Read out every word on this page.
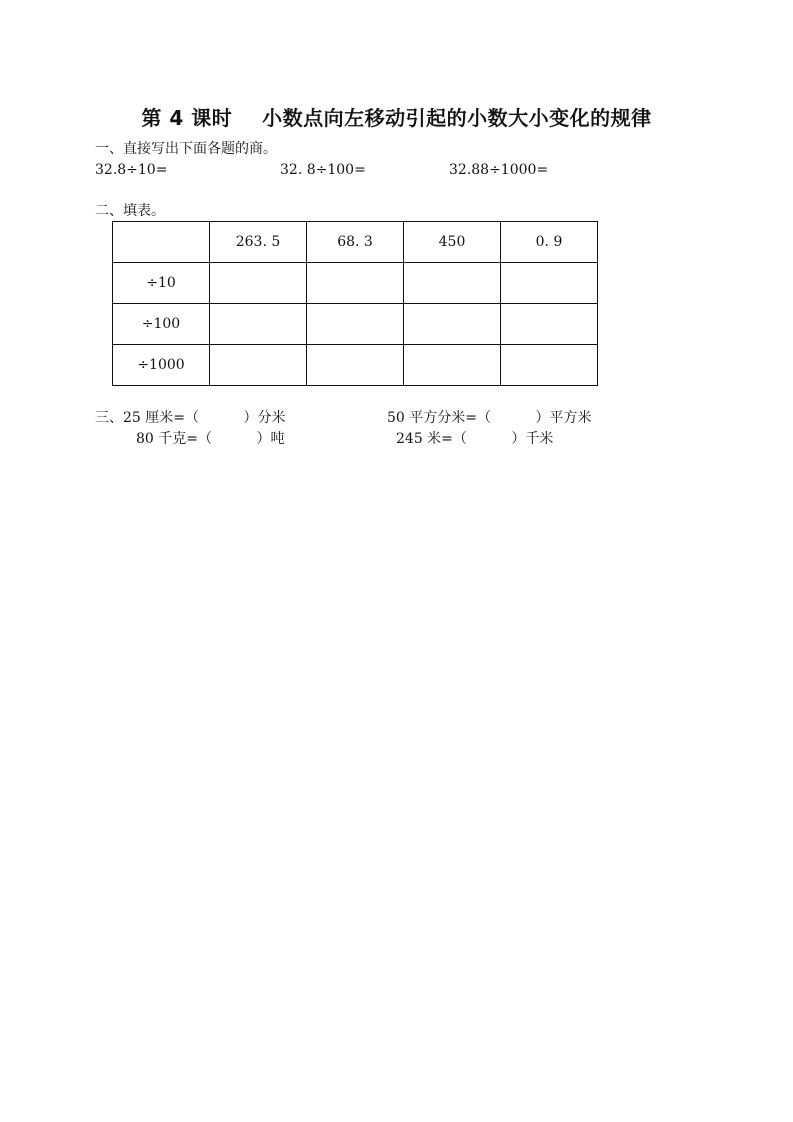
第 4 课时    小数点向左移动引起的小数大小变化的规律
一、直接写出下面各题的商。
32.8÷10=	32. 8÷100=	32.88÷1000=
二、填表。
	263. 5	68. 3	450	0. 9
÷10				
÷100				
÷1000				
三、25 厘米=（          ）分米	50 平方分米=（          ）平方米
80 千克=（          ）吨	245 米=（          ）千米
